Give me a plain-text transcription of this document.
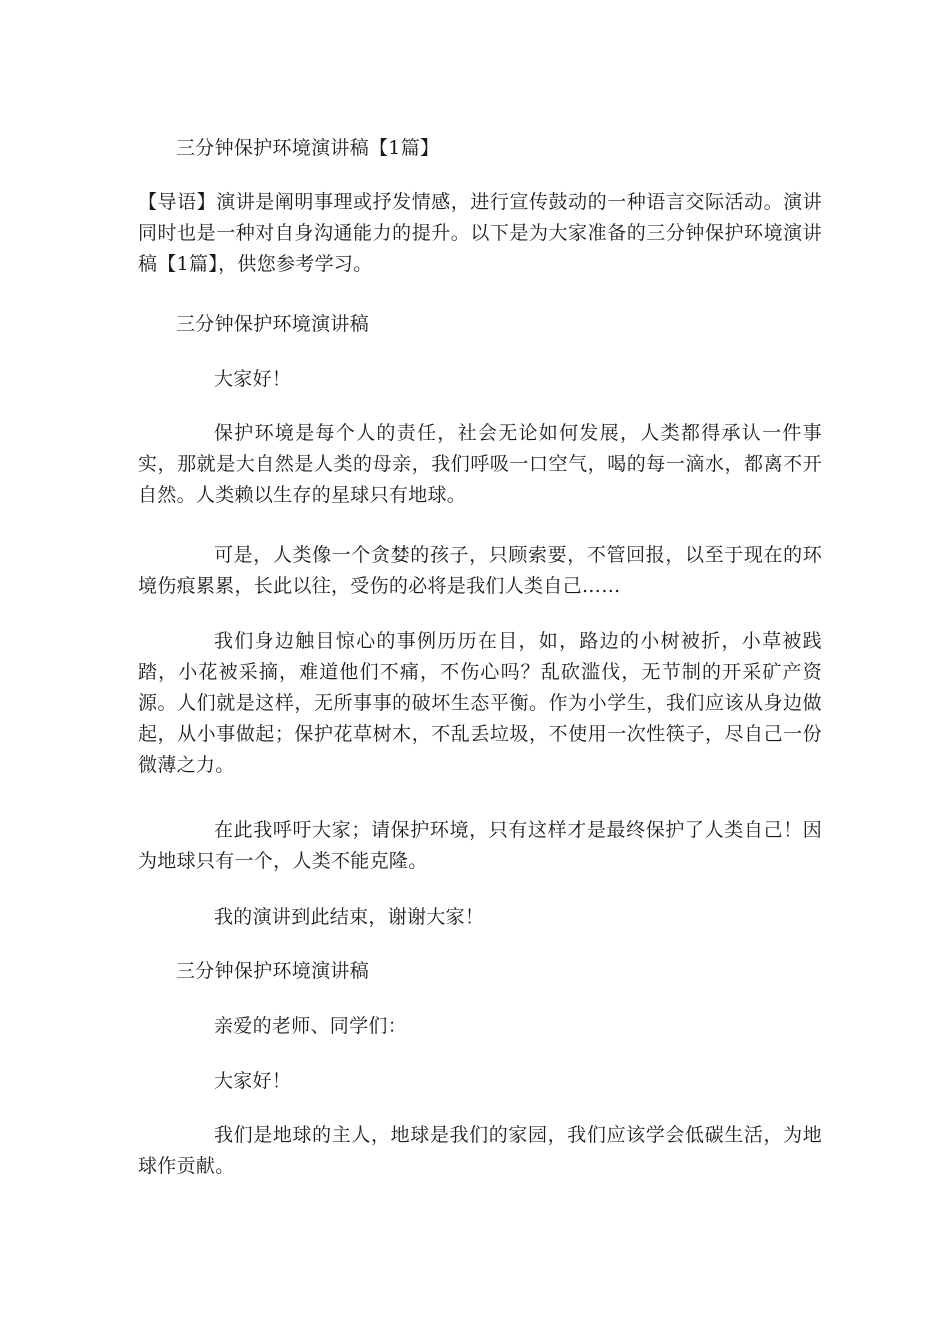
三分钟保护环境演讲稿【1篇】

【导语】演讲是阐明事理或抒发情感，进行宣传鼓动的一种语言交际活动。演讲同时也是一种对自身沟通能力的提升。以下是为大家准备的三分钟保护环境演讲稿【1篇】，供您参考学习。

三分钟保护环境演讲稿

大家好！

保护环境是每个人的责任，社会无论如何发展，人类都得承认一件事实，那就是大自然是人类的母亲，我们呼吸一口空气，喝的每一滴水，都离不开自然。人类赖以生存的星球只有地球。

可是，人类像一个贪婪的孩子，只顾索要，不管回报，以至于现在的环境伤痕累累，长此以往，受伤的必将是我们人类自己……

我们身边触目惊心的事例历历在目，如，路边的小树被折，小草被践踏，小花被采摘，难道他们不痛，不伤心吗？乱砍滥伐，无节制的开采矿产资源。人们就是这样，无所事事的破坏生态平衡。作为小学生，我们应该从身边做起，从小事做起；保护花草树木，不乱丢垃圾，不使用一次性筷子，尽自己一份微薄之力。

在此我呼吁大家；请保护环境，只有这样才是最终保护了人类自己！因为地球只有一个，人类不能克隆。

我的演讲到此结束，谢谢大家！

三分钟保护环境演讲稿

亲爱的老师、同学们：

大家好！

我们是地球的主人，地球是我们的家园，我们应该学会低碳生活，为地球作贡献。
